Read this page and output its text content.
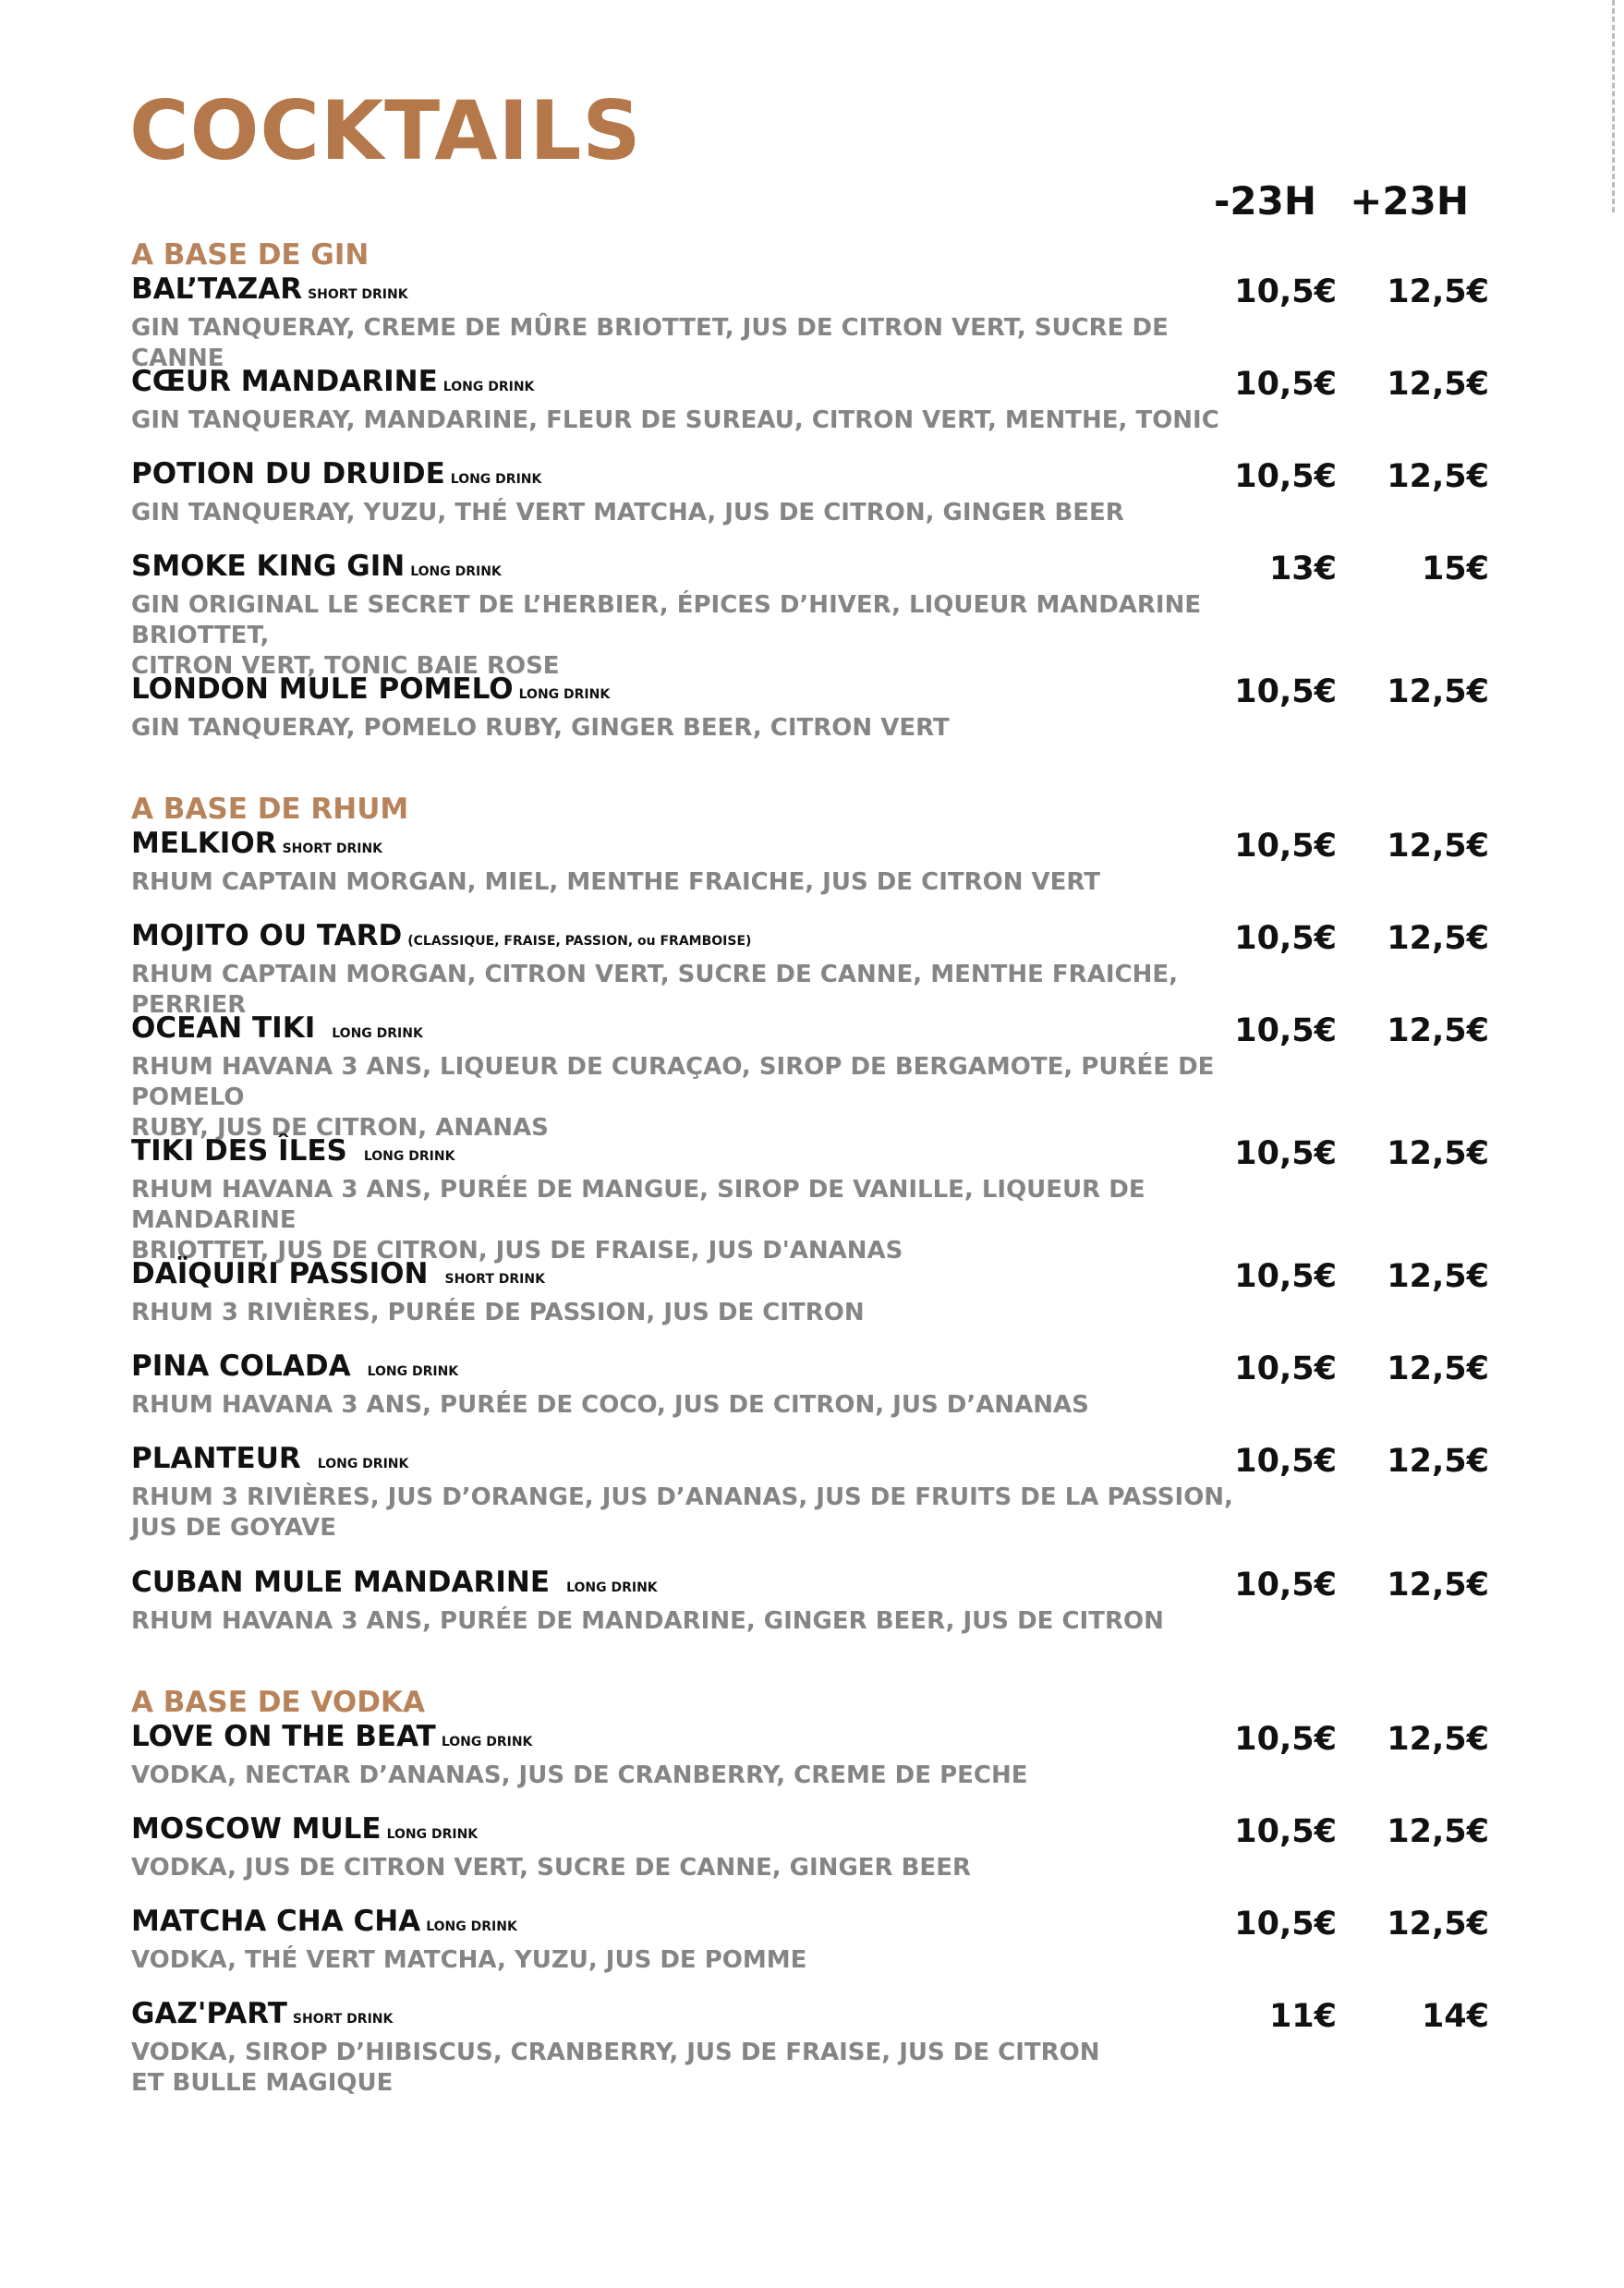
COCKTAILS
-23H +23H
A BASE DE GIN
BAL’TAZAR SHORT DRINK
GIN TANQUERAY, CREME DE MÛRE BRIOTTET, JUS DE CITRON VERT, SUCRE DE CANNE
10,5€	12,5€
CŒUR MANDARINE LONG DRINK
GIN TANQUERAY, MANDARINE, FLEUR DE SUREAU, CITRON VERT, MENTHE, TONIC
10,5€	12,5€
POTION DU DRUIDE LONG DRINK
GIN TANQUERAY, YUZU, THÉ VERT MATCHA, JUS DE CITRON, GINGER BEER
10,5€	12,5€
SMOKE KING GIN LONG DRINK
GIN ORIGINAL LE SECRET DE L’HERBIER, ÉPICES D’HIVER, LIQUEUR MANDARINE BRIOTTET,
CITRON VERT, TONIC BAIE ROSE
13€	15€
LONDON MULE POMELO LONG DRINK
GIN TANQUERAY, POMELO RUBY, GINGER BEER, CITRON VERT
10,5€	12,5€
A BASE DE RHUM
MELKIOR SHORT DRINK
RHUM CAPTAIN MORGAN, MIEL, MENTHE FRAICHE, JUS DE CITRON VERT
10,5€	12,5€
MOJITO OU TARD (CLASSIQUE, FRAISE, PASSION, ou FRAMBOISE)
RHUM CAPTAIN MORGAN, CITRON VERT, SUCRE DE CANNE, MENTHE FRAICHE, PERRIER
10,5€	12,5€
OCEAN TIKI LONG DRINK
RHUM HAVANA 3 ANS, LIQUEUR DE CURAÇAO, SIROP DE BERGAMOTE, PURÉE DE POMELO
RUBY, JUS DE CITRON, ANANAS
10,5€	12,5€
TIKI DES ÎLES LONG DRINK
RHUM HAVANA 3 ANS, PURÉE DE MANGUE, SIROP DE VANILLE, LIQUEUR DE MANDARINE
BRIOTTET, JUS DE CITRON, JUS DE FRAISE, JUS D'ANANAS
10,5€	12,5€
DAÏQUIRI PASSION SHORT DRINK
RHUM 3 RIVIÈRES, PURÉE DE PASSION, JUS DE CITRON
10,5€	12,5€
PINA COLADA LONG DRINK
RHUM HAVANA 3 ANS, PURÉE DE COCO, JUS DE CITRON, JUS D’ANANAS
10,5€	12,5€
PLANTEUR LONG DRINK
RHUM 3 RIVIÈRES, JUS D’ORANGE, JUS D’ANANAS, JUS DE FRUITS DE LA PASSION,
JUS DE GOYAVE
10,5€	12,5€
CUBAN MULE MANDARINE LONG DRINK
RHUM HAVANA 3 ANS, PURÉE DE MANDARINE, GINGER BEER, JUS DE CITRON
10,5€	12,5€
A BASE DE VODKA
LOVE ON THE BEAT LONG DRINK
VODKA, NECTAR D’ANANAS, JUS DE CRANBERRY, CREME DE PECHE
10,5€	12,5€
MOSCOW MULE LONG DRINK
VODKA, JUS DE CITRON VERT, SUCRE DE CANNE, GINGER BEER
10,5€	12,5€
MATCHA CHA CHA LONG DRINK
VODKA, THÉ VERT MATCHA, YUZU, JUS DE POMME
10,5€	12,5€
GAZ'PART SHORT DRINK
VODKA, SIROP D’HIBISCUS, CRANBERRY, JUS DE FRAISE, JUS DE CITRON
ET BULLE MAGIQUE
11€	14€
